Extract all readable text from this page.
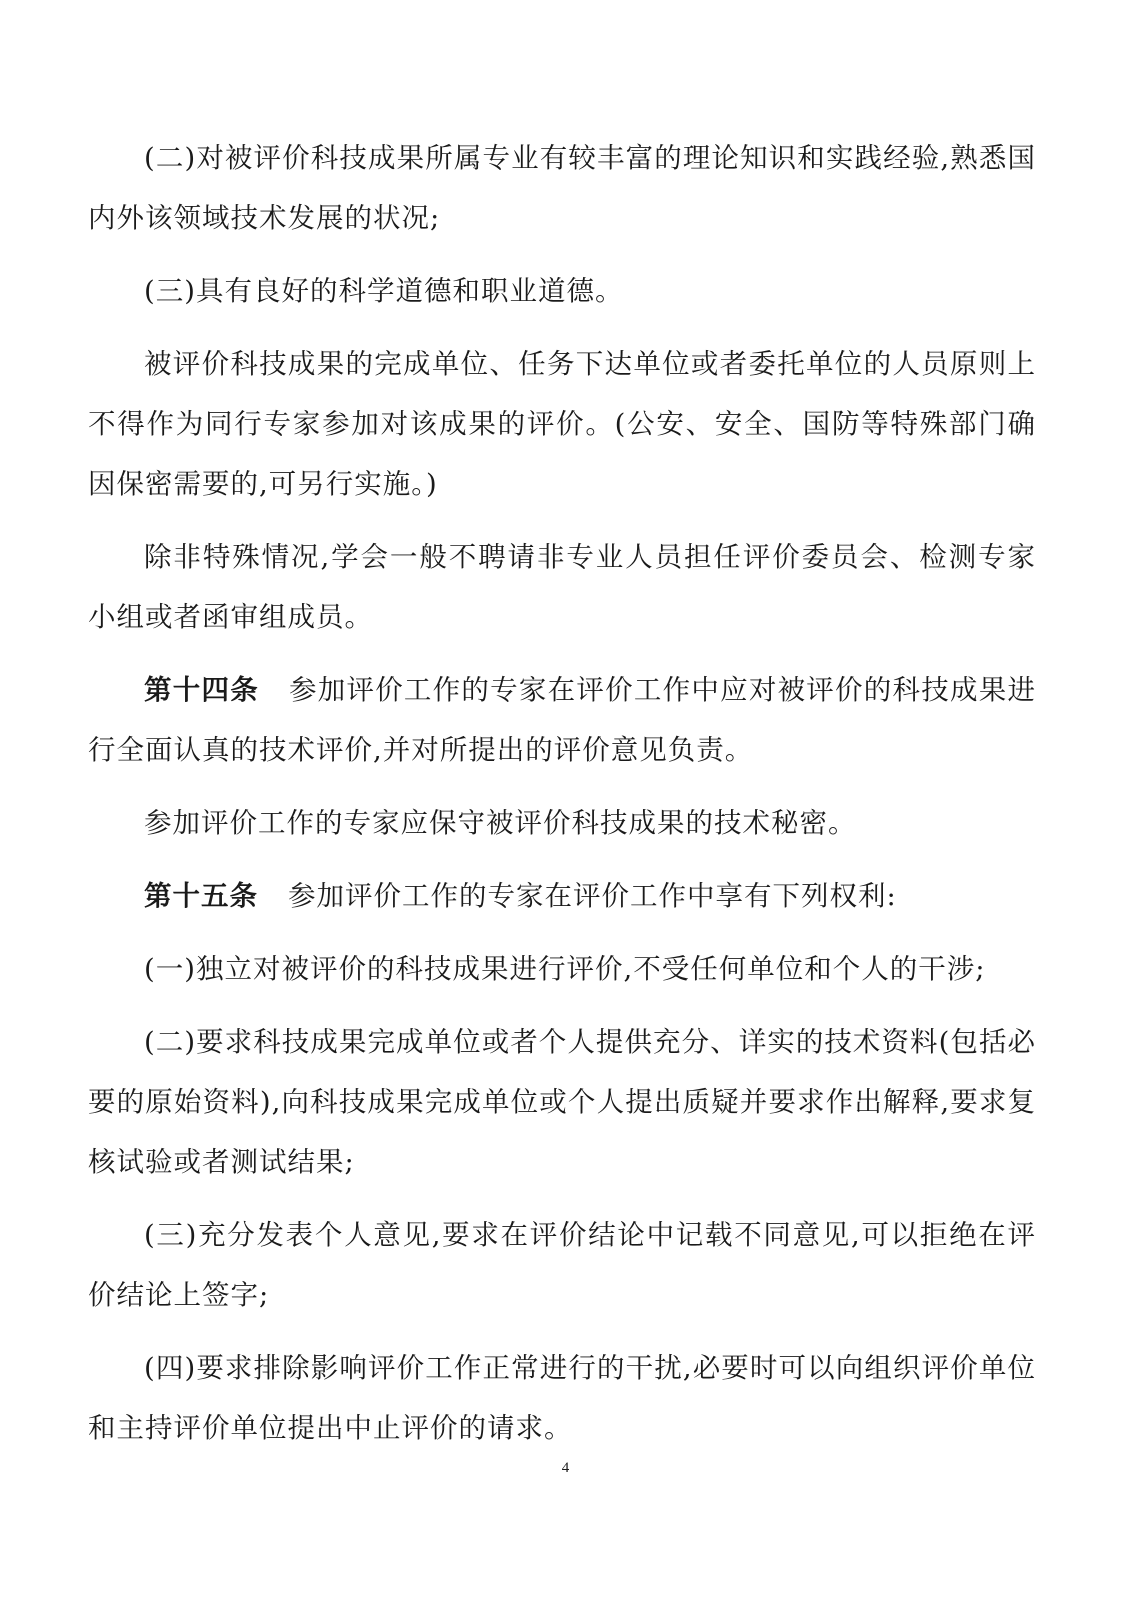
(二)对被评价科技成果所属专业有较丰富的理论知识和实践经验,熟悉国内外该领域技术发展的状况;

(三)具有良好的科学道德和职业道德。

被评价科技成果的完成单位、任务下达单位或者委托单位的人员原则上不得作为同行专家参加对该成果的评价。(公安、安全、国防等特殊部门确因保密需要的,可另行实施。)

除非特殊情况,学会一般不聘请非专业人员担任评价委员会、检测专家小组或者函审组成员。

第十四条 参加评价工作的专家在评价工作中应对被评价的科技成果进行全面认真的技术评价,并对所提出的评价意见负责。

参加评价工作的专家应保守被评价科技成果的技术秘密。

第十五条 参加评价工作的专家在评价工作中享有下列权利:

(一)独立对被评价的科技成果进行评价,不受任何单位和个人的干涉;

(二)要求科技成果完成单位或者个人提供充分、详实的技术资料(包括必要的原始资料),向科技成果完成单位或个人提出质疑并要求作出解释,要求复核试验或者测试结果;

(三)充分发表个人意见,要求在评价结论中记载不同意见,可以拒绝在评价结论上签字;

(四)要求排除影响评价工作正常进行的干扰,必要时可以向组织评价单位和主持评价单位提出中止评价的请求。

4
